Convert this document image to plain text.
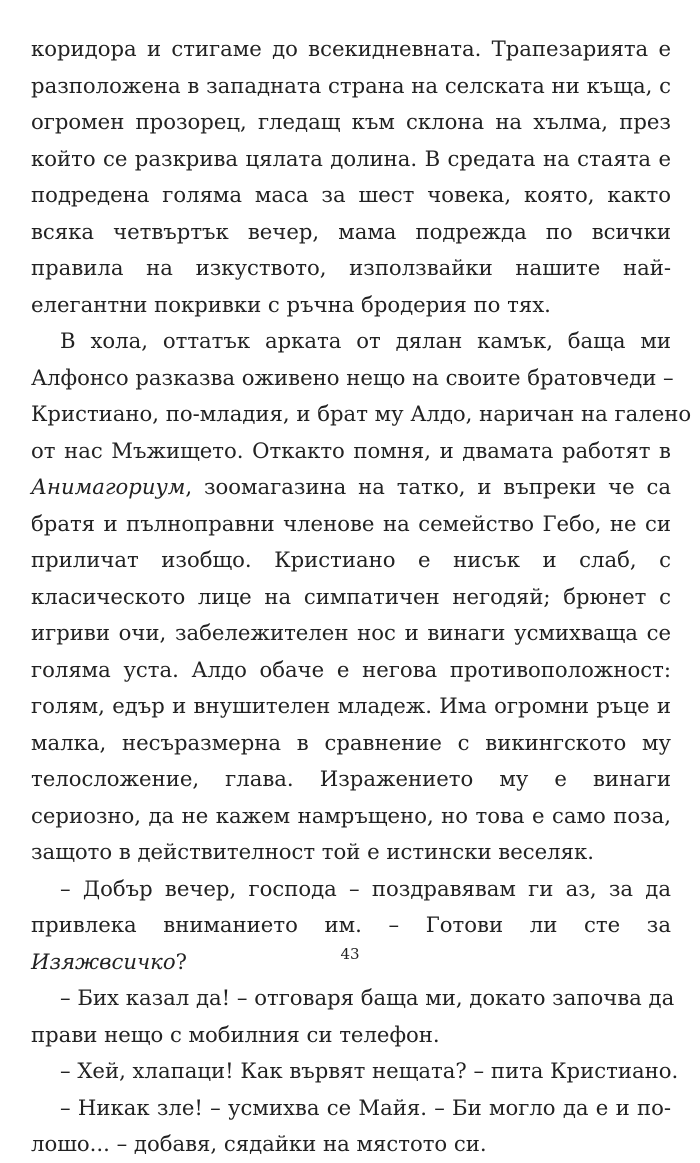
коридора и стигаме до всекидневната. Трапезарията е
разположена в западната страна на селската ни къща, с
огромен прозорец, гледащ към склона на хълма, през
който се разкрива цялата долина. В средата на стаята е
подредена голяма маса за шест човека, която, както
всяка четвъртък вечер, мама подрежда по всички
правила на изкуството, използвайки нашите най-
елегантни покривки с ръчна бродерия по тях.
В хола, оттатък арката от дялан камък, баща ми
Алфонсо разказва оживено нещо на своите братовчеди –
Кристиано, по-младия, и брат му Алдо, наричан на галено
от нас Мъжището. Откакто помня, и двамата работят в
Анимагориум, зоомагазина на татко, и въпреки че са
братя и пълноправни членове на семейство Гебо, не си
приличат изобщо. Кристиано е нисък и слаб, с
класическото лице на симпатичен негодяй; брюнет с
игриви очи, забележителен нос и винаги усмихваща се
голяма уста. Алдо обаче е негова противоположност:
голям, едър и внушителен младеж. Има огромни ръце и
малка, несъразмерна в сравнение с викингското му
телосложение, глава. Изражението му е винаги
сериозно, да не кажем намръщено, но това е само поза,
защото в действителност той е истински веселяк.
– Добър вечер, господа – поздравявам ги аз, за да
привлека вниманието им. – Готови ли сте за
Изяжвсичко?
– Бих казал да! – отговаря баща ми, докато започва да
прави нещо с мобилния си телефон.
– Хей, хлапаци! Как вървят нещата? – пита Кристиано.
– Никак зле! – усмихва се Майя. – Би могло да е и по-
лошо... – добавя, сядайки на мястото си.
43
